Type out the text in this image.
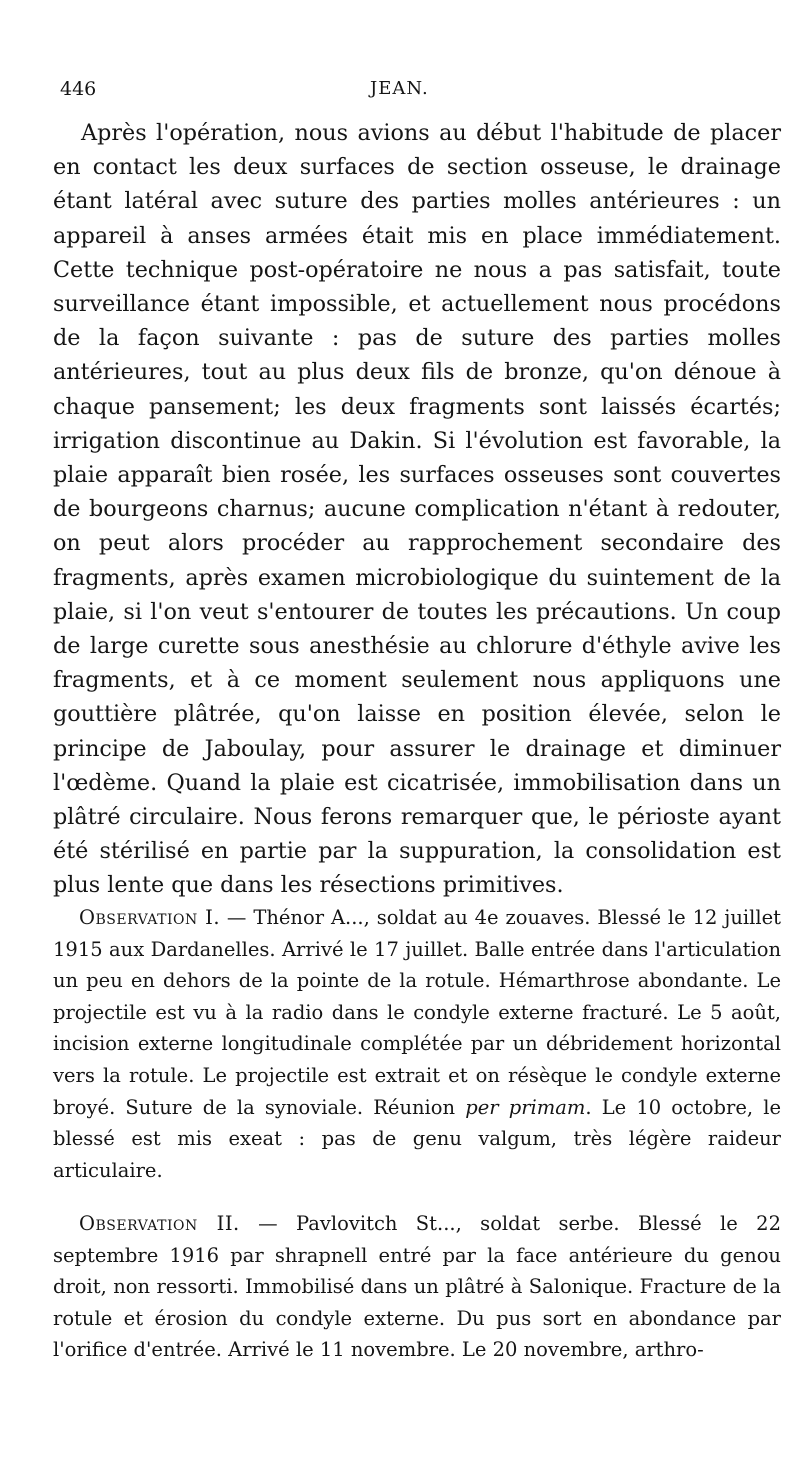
446	JEAN.

Après l'opération, nous avions au début l'habitude de placer en contact les deux surfaces de section osseuse, le drainage étant latéral avec suture des parties molles antérieures : un appareil à anses armées était mis en place immédiatement. Cette technique post-opératoire ne nous a pas satisfait, toute surveillance étant impossible, et actuellement nous procédons de la façon suivante : pas de suture des parties molles antérieures, tout au plus deux fils de bronze, qu'on dénoue à chaque pansement; les deux fragments sont laissés écartés; irrigation discontinue au Dakin. Si l'évolution est favorable, la plaie apparaît bien rosée, les surfaces osseuses sont couvertes de bourgeons charnus; aucune complication n'étant à redouter, on peut alors procéder au rapprochement secondaire des fragments, après examen microbiologique du suintement de la plaie, si l'on veut s'entourer de toutes les précautions. Un coup de large curette sous anesthésie au chlorure d'éthyle avive les fragments, et à ce moment seulement nous appliquons une gouttière plâtrée, qu'on laisse en position élevée, selon le principe de Jaboulay, pour assurer le drainage et diminuer l'œdème. Quand la plaie est cicatrisée, immobilisation dans un plâtré circulaire. Nous ferons remarquer que, le périoste ayant été stérilisé en partie par la suppuration, la consolidation est plus lente que dans les résections primitives.

Observation I. — Thénor A..., soldat au 4e zouaves. Blessé le 12 juillet 1915 aux Dardanelles. Arrivé le 17 juillet. Balle entrée dans l'articulation un peu en dehors de la pointe de la rotule. Hémarthrose abondante. Le projectile est vu à la radio dans le condyle externe fracturé. Le 5 août, incision externe longitudinale complétée par un débridement horizontal vers la rotule. Le projectile est extrait et on résèque le condyle externe broyé. Suture de la synoviale. Réunion per primam. Le 10 octobre, le blessé est mis exeat : pas de genu valgum, très légère raideur articulaire.

Observation II. — Pavlovitch St..., soldat serbe. Blessé le 22 septembre 1916 par shrapnell entré par la face antérieure du genou droit, non ressorti. Immobilisé dans un plâtré à Salonique. Fracture de la rotule et érosion du condyle externe. Du pus sort en abondance par l'orifice d'entrée. Arrivé le 11 novembre. Le 20 novembre, arthro-
